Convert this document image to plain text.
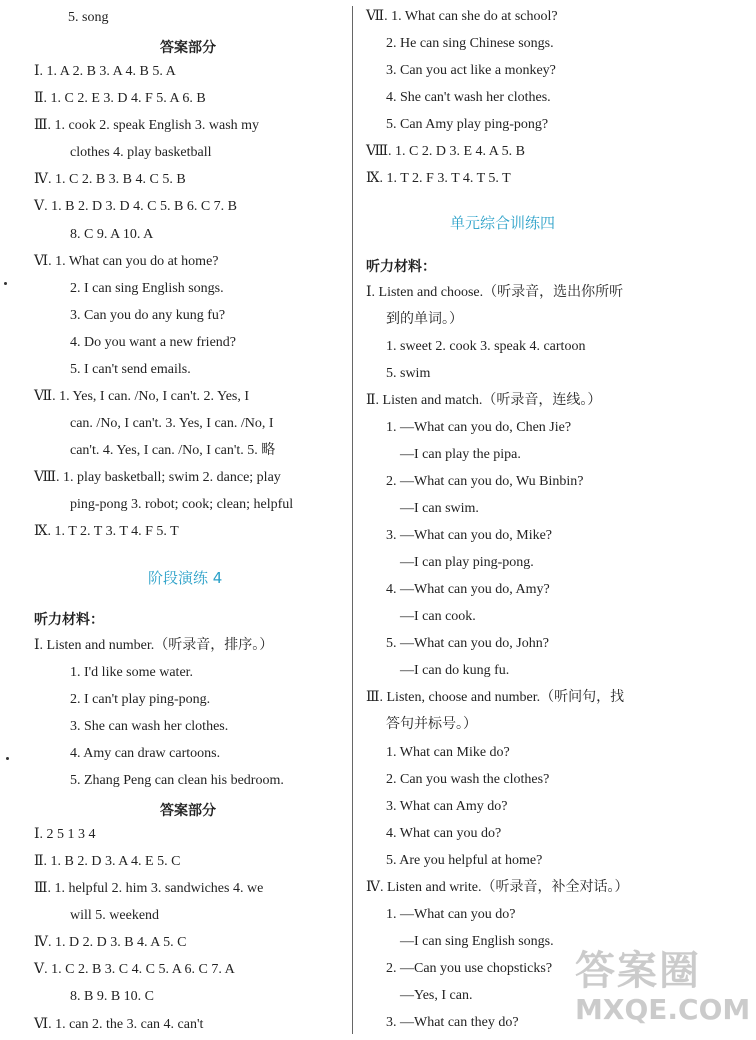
5. song
答案部分
Ⅰ. 1. A 2. B 3. A 4. B 5. A
Ⅱ. 1. C 2. E 3. D 4. F 5. A 6. B
Ⅲ. 1. cook 2. speak English 3. wash my
clothes 4. play basketball
Ⅳ. 1. C 2. B 3. B 4. C 5. B
Ⅴ. 1. B 2. D 3. D 4. C 5. B 6. C 7. B
8. C 9. A 10. A
Ⅵ. 1. What can you do at home?
2. I can sing English songs.
3. Can you do any kung fu?
4. Do you want a new friend?
5. I can't send emails.
Ⅶ. 1. Yes, I can. /No, I can't. 2. Yes, I
can. /No, I can't. 3. Yes, I can. /No, I
can't. 4. Yes, I can. /No, I can't. 5. 略
Ⅷ. 1. play basketball; swim 2. dance; play
ping-pong 3. robot; cook; clean; helpful
Ⅸ. 1. T 2. T 3. T 4. F 5. T
阶段演练 4
听力材料：
Ⅰ. Listen and number.（听录音，排序。）
1. I'd like some water.
2. I can't play ping-pong.
3. She can wash her clothes.
4. Amy can draw cartoons.
5. Zhang Peng can clean his bedroom.
答案部分
Ⅰ. 2 5 1 3 4
Ⅱ. 1. B 2. D 3. A 4. E 5. C
Ⅲ. 1. helpful 2. him 3. sandwiches 4. we
will 5. weekend
Ⅳ. 1. D 2. D 3. B 4. A 5. C
Ⅴ. 1. C 2. B 3. C 4. C 5. A 6. C 7. A
8. B 9. B 10. C
Ⅵ. 1. can 2. the 3. can 4. can't
Ⅶ. 1. What can she do at school?
2. He can sing Chinese songs.
3. Can you act like a monkey?
4. She can't wash her clothes.
5. Can Amy play ping-pong?
Ⅷ. 1. C 2. D 3. E 4. A 5. B
Ⅸ. 1. T 2. F 3. T 4. T 5. T
单元综合训练四
听力材料：
Ⅰ. Listen and choose.（听录音，选出你所听
到的单词。）
1. sweet 2. cook 3. speak 4. cartoon
5. swim
Ⅱ. Listen and match.（听录音，连线。）
1. —What can you do, Chen Jie?
—I can play the pipa.
2. —What can you do, Wu Binbin?
—I can swim.
3. —What can you do, Mike?
—I can play ping-pong.
4. —What can you do, Amy?
—I can cook.
5. —What can you do, John?
—I can do kung fu.
Ⅲ. Listen, choose and number.（听问句，找
答句并标号。）
1. What can Mike do?
2. Can you wash the clothes?
3. What can Amy do?
4. What can you do?
5. Are you helpful at home?
Ⅳ. Listen and write.（听录音，补全对话。）
1. —What can you do?
—I can sing English songs.
2. —Can you use chopsticks?
—Yes, I can.
3. —What can they do?
答案圈
MXQE.COM
